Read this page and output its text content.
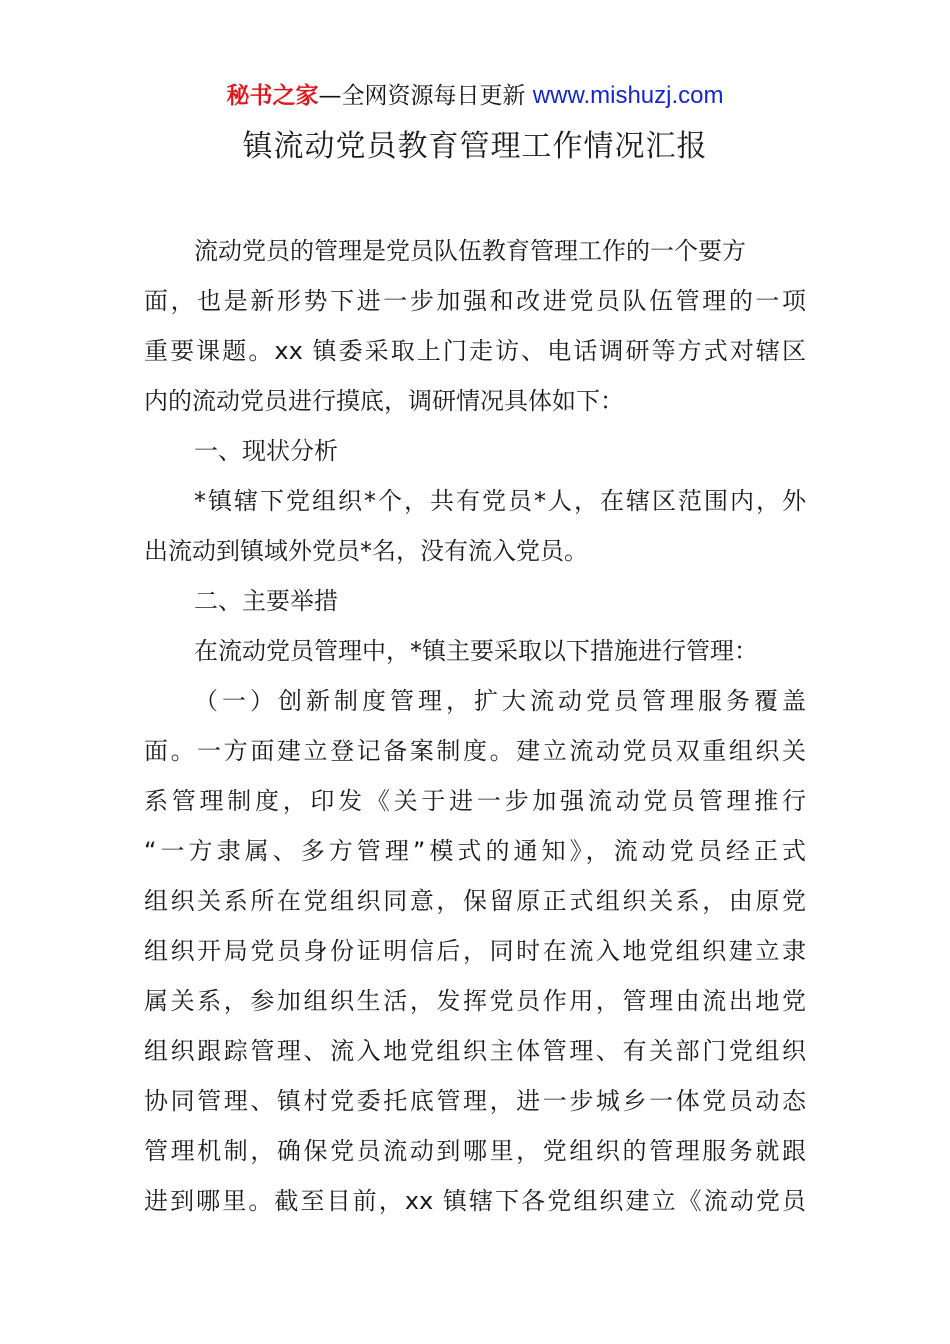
秘书之家—全网资源每日更新 www.mishuzj.com
镇流动党员教育管理工作情况汇报
流动党员的管理是党员队伍教育管理工作的一个要方
面，也是新形势下进一步加强和改进党员队伍管理的一项
重要课题。xx 镇委采取上门走访、电话调研等方式对辖区
内的流动党员进行摸底，调研情况具体如下：
一、现状分析
*镇辖下党组织*个，共有党员*人，在辖区范围内，外
出流动到镇域外党员*名，没有流入党员。
二、主要举措
在流动党员管理中，*镇主要采取以下措施进行管理：
（一）创新制度管理，扩大流动党员管理服务覆盖
面。一方面建立登记备案制度。建立流动党员双重组织关
系管理制度，印发《关于进一步加强流动党员管理推行
“一方隶属、多方管理”模式的通知》，流动党员经正式
组织关系所在党组织同意，保留原正式组织关系，由原党
组织开局党员身份证明信后，同时在流入地党组织建立隶
属关系，参加组织生活，发挥党员作用，管理由流出地党
组织跟踪管理、流入地党组织主体管理、有关部门党组织
协同管理、镇村党委托底管理，进一步城乡一体党员动态
管理机制，确保党员流动到哪里，党组织的管理服务就跟
进到哪里。截至目前，xx 镇辖下各党组织建立《流动党员
